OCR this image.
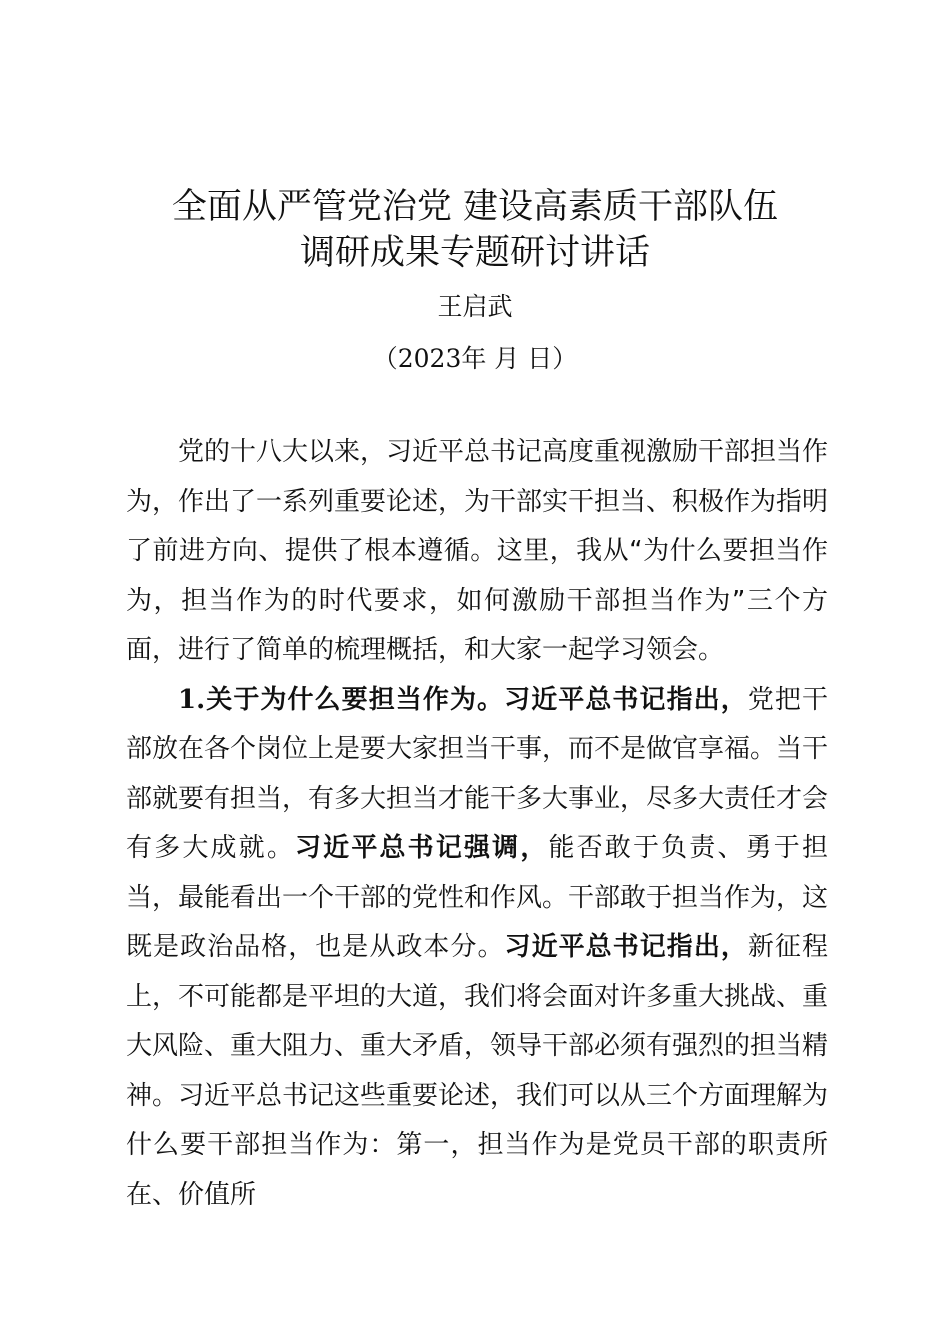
全面从严管党治党 建设高素质干部队伍
调研成果专题研讨讲话
王启武
（2023年 月 日）

党的十八大以来，习近平总书记高度重视激励干部担当作为，作出了一系列重要论述，为干部实干担当、积极作为指明了前进方向、提供了根本遵循。这里，我从“为什么要担当作为，担当作为的时代要求，如何激励干部担当作为”三个方面，进行了简单的梳理概括，和大家一起学习领会。

1.关于为什么要担当作为。习近平总书记指出，党把干部放在各个岗位上是要大家担当干事，而不是做官享福。当干部就要有担当，有多大担当才能干多大事业，尽多大责任才会有多大成就。习近平总书记强调，能否敢于负责、勇于担当，最能看出一个干部的党性和作风。干部敢于担当作为，这既是政治品格，也是从政本分。习近平总书记指出，新征程上，不可能都是平坦的大道，我们将会面对许多重大挑战、重大风险、重大阻力、重大矛盾，领导干部必须有强烈的担当精神。习近平总书记这些重要论述，我们可以从三个方面理解为什么要干部担当作为：第一，担当作为是党员干部的职责所在、价值所
